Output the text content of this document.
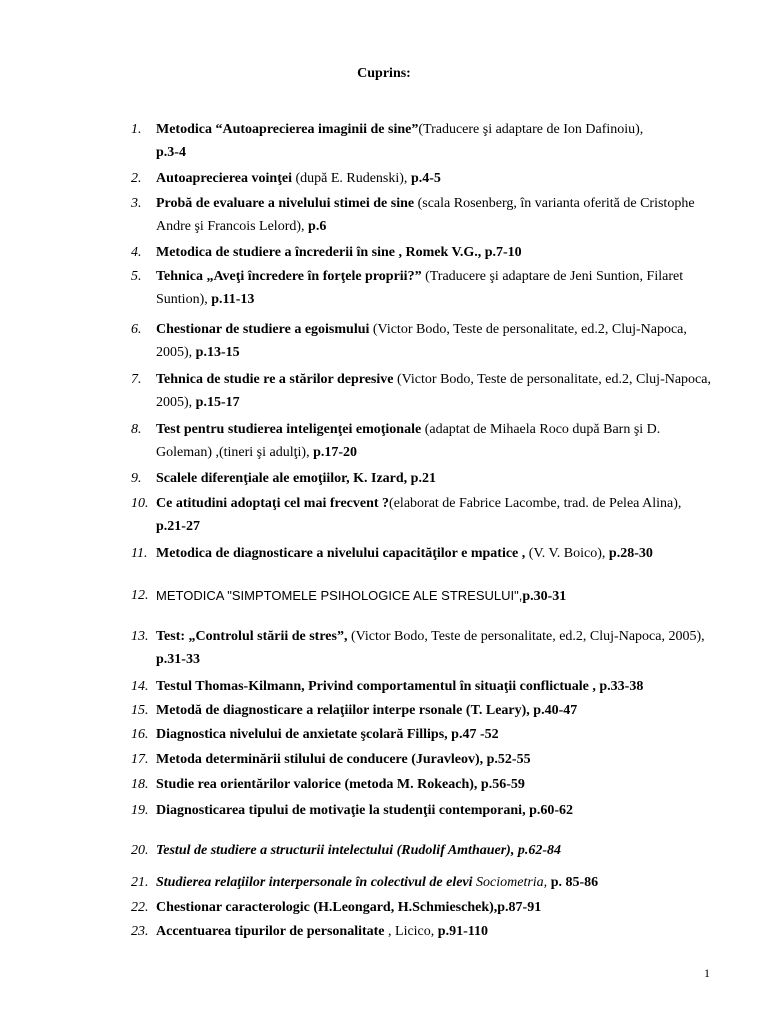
Cuprins:
1. Metodica “Autoaprecierea imaginii de sine”(Traducere şi adaptare de Ion Dafinoiu),
p.3-4
2. Autoaprecierea voinţei (după E. Rudenski), p.4-5
3. Probă de evaluare a nivelului stimei de sine (scala Rosenberg, în varianta oferită de Cristophe Andre şi Francois Lelord), p.6
4. Metodica de studiere a încrederii în sine , Romek V.G., p.7-10
5. Tehnica „Aveţi încredere în forţele proprii?” (Traducere şi adaptare de Jeni Suntion, Filaret Suntion), p.11-13
6. Chestionar de studiere a egoismului (Victor Bodo, Teste de personalitate, ed.2, Cluj-Napoca, 2005), p.13-15
7. Tehnica de studie re a stărilor depresive (Victor Bodo, Teste de personalitate, ed.2, Cluj-Napoca, 2005), p.15-17
8. Test pentru studierea inteligenţei emoţionale (adaptat de Mihaela Roco după Barn şi D. Goleman) ,(tineri şi adulţi), p.17-20
9. Scalele diferenţiale ale emoţiilor, K. Izard, p.21
10. Ce atitudini adoptaţi cel mai frecvent ?(elaborat de Fabrice Lacombe, trad. de Pelea Alina), p.21-27
11. Metodica de diagnosticare a nivelului capacităţilor e mpatice , (V. V. Boico), p.28-30
12. METODICA "SIMPTOMELE PSIHOLOGICE ALE STRESULUI",p.30-31
13. Test: „Controlul stării de stres”, (Victor Bodo, Teste de personalitate, ed.2, Cluj-Napoca, 2005), p.31-33
14. Testul Thomas-Kilmann, Privind comportamentul în situaţii conflictuale , p.33-38
15. Metodă de diagnosticare a relaţiilor interpe rsonale (T. Leary), p.40-47
16. Diagnostica nivelului de anxietate şcolară Fillips, p.47 -52
17. Metoda determinării stilului de conducere (Juravleov), p.52-55
18. Studie rea orientărilor valorice (metoda M. Rokeach), p.56-59
19. Diagnosticarea tipului de motivaţie la studenţii contemporani, p.60-62
20. Testul de studiere a structurii intelectului (Rudolif Amthauer), p.62-84
21. Studierea relaţiilor interpersonale în colectivul de elevi Sociometria, p. 85-86
22. Chestionar caracterologic (H.Leongard, H.Schmieschek),p.87-91
23. Accentuarea tipurilor de personalitate , Licico, p.91-110
1
